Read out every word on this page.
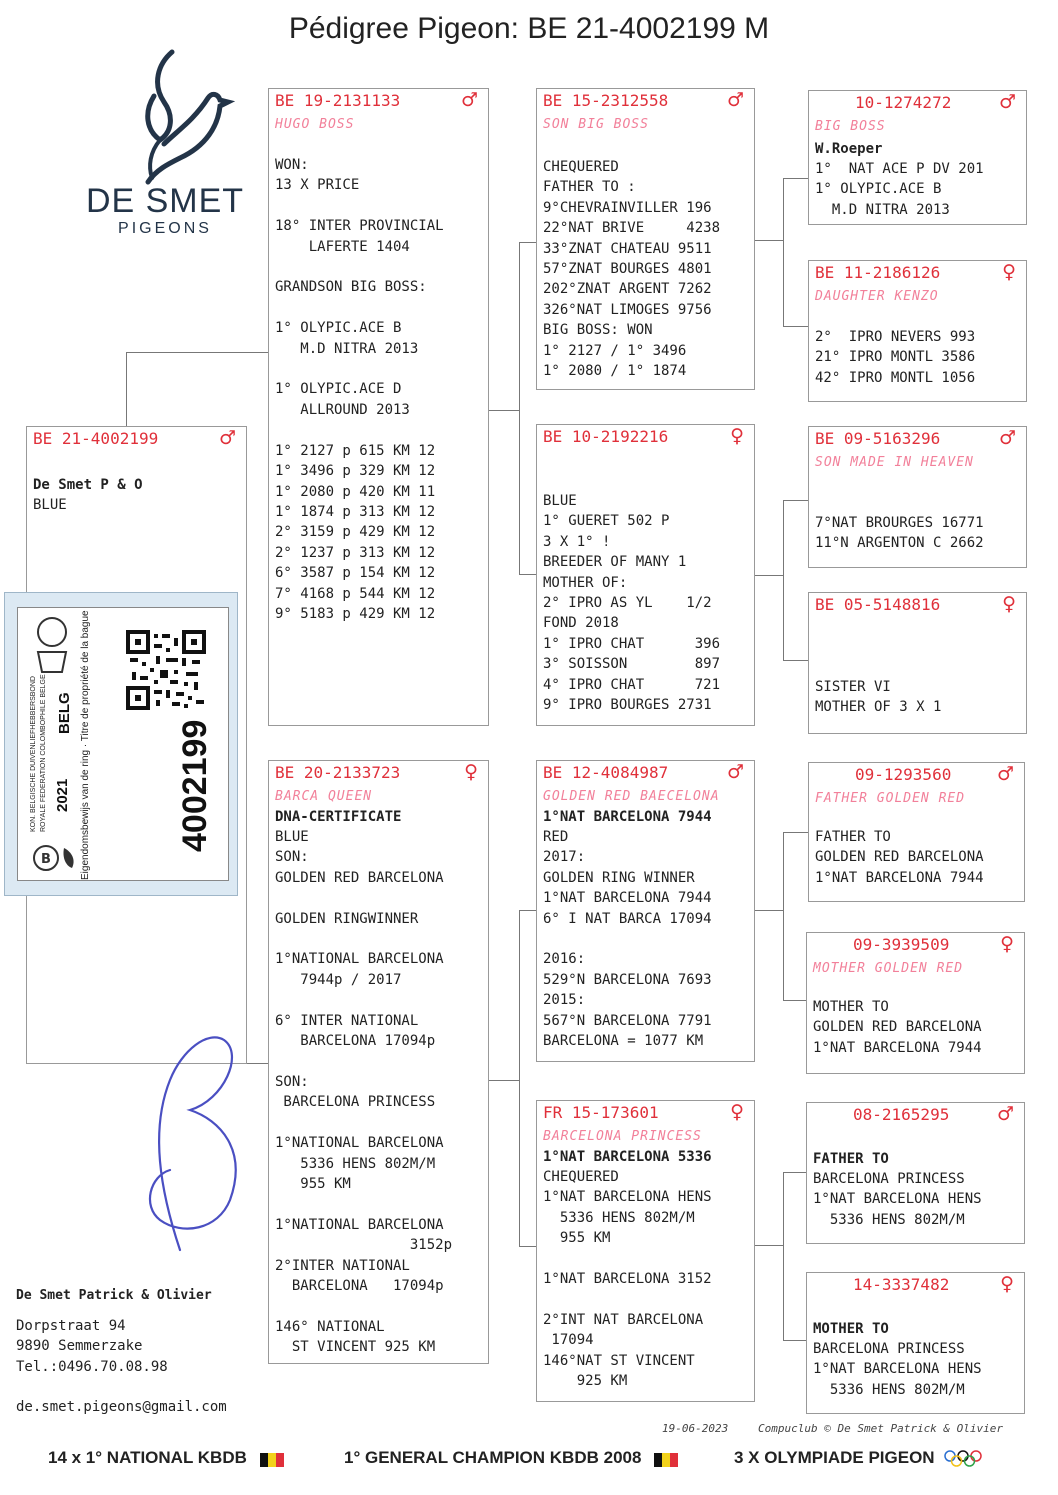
Pédigree Pigeon: BE 21-4002199 M
DE SMET
PIGEONS
BE 21-4002199	♂
De Smet P & O
BLUE
4002199
2021
BELG
KON. BELGISCHE DUIVENLIEFHEBBERSBOND ROYALE FEDERATION COLOMBOPHILE BELGE	Eigendomsbewijs van de ring · Titre de propriété de la bague
B
BE 19-2131133	♂
HUGO BOSS
WON:
13 X PRICE

18° INTER PROVINCIAL
LAFERTE 1404

GRANDSON BIG BOSS:

1° OLYPIC.ACE B
M.D NITRA 2013

1° OLYPIC.ACE D
ALLROUND 2013

1° 2127 p 615 KM 12
1° 3496 p 329 KM 12
1° 2080 p 420 KM 11
1° 1874 p 313 KM 12
2° 3159 p 429 KM 12
2° 1237 p 313 KM 12
6° 3587 p 154 KM 12
7° 4168 p 544 KM 12
9° 5183 p 429 KM 12
BE 20-2133723	♀
BARCA QUEEN
DNA-CERTIFICATE
BLUE
SON:
GOLDEN RED BARCELONA

GOLDEN RINGWINNER

1°NATIONAL BARCELONA
7944p / 2017

6° INTER NATIONAL
BARCELONA 17094p

SON:
BARCELONA PRINCESS

1°NATIONAL BARCELONA
5336 HENS 802M/M
955 KM

1°NATIONAL BARCELONA
3152p
2°INTER NATIONAL
BARCELONA   17094p

146° NATIONAL
ST VINCENT 925 KM
BE 15-2312558	♂
SON BIG BOSS
CHEQUERED
FATHER TO :
9°CHEVRAINVILLER 196
22°NAT BRIVE     4238
33°ZNAT CHATEAU 9511
57°ZNAT BOURGES 4801
202°ZNAT ARGENT 7262
326°NAT LIMOGES 9756
BIG BOSS: WON
1° 2127 / 1° 3496
1° 2080 / 1° 1874
BE 10-2192216	♀
BLUE
1° GUERET 502 P
3 X 1° !
BREEDER OF MANY 1
MOTHER OF:
2° IPRO AS YL    1/2
FOND 2018
1° IPRO CHAT      396
3° SOISSON        897
4° IPRO CHAT      721
9° IPRO BOURGES 2731
BE 12-4084987	♂
GOLDEN RED BAECELONA
1°NAT BARCELONA 7944
RED
2017:
GOLDEN RING WINNER
1°NAT BARCELONA 7944
6° I NAT BARCA 17094

2016:
529°N BARCELONA 7693
2015:
567°N BARCELONA 7791
BARCELONA = 1077 KM
FR 15-173601	♀
BARCELONA PRINCESS
1°NAT BARCELONA 5336
CHEQUERED
1°NAT BARCELONA HENS
5336 HENS 802M/M
955 KM

1°NAT BARCELONA 3152

2°INT NAT BARCELONA
17094
146°NAT ST VINCENT
925 KM
10-1274272	♂
BIG BOSS
W.Roeper
1°  NAT ACE P DV 201
1° OLYPIC.ACE B
M.D NITRA 2013
BE 11-2186126	♀
DAUGHTER KENZO
2°  IPRO NEVERS 993
21° IPRO MONTL 3586
42° IPRO MONTL 1056
BE 09-5163296	♂
SON MADE IN HEAVEN
7°NAT BROURGES 16771
11°N ARGENTON C 2662
BE 05-5148816	♀
SISTER VI
MOTHER OF 3 X 1
09-1293560 ♂
FATHER GOLDEN RED
FATHER TO
GOLDEN RED BARCELONA
1°NAT BARCELONA 7944
09-3939509	♀
MOTHER GOLDEN RED
MOTHER TO
GOLDEN RED BARCELONA
1°NAT BARCELONA 7944
08-2165295	♂
FATHER TO
BARCELONA PRINCESS
1°NAT BARCELONA HENS
5336 HENS 802M/M
14-3337482	♀
MOTHER TO
BARCELONA PRINCESS
1°NAT BARCELONA HENS
5336 HENS 802M/M
De Smet Patrick & Olivier
Dorpstraat 94
9890 Semmerzake
Tel.:0496.70.08.98
de.smet.pigeons@gmail.com
19-06-2023	Compuclub © De Smet Patrick & Olivier
14 x 1° NATIONAL KBDB	1° GENERAL CHAMPION KBDB 2008	3 X OLYMPIADE PIGEON
